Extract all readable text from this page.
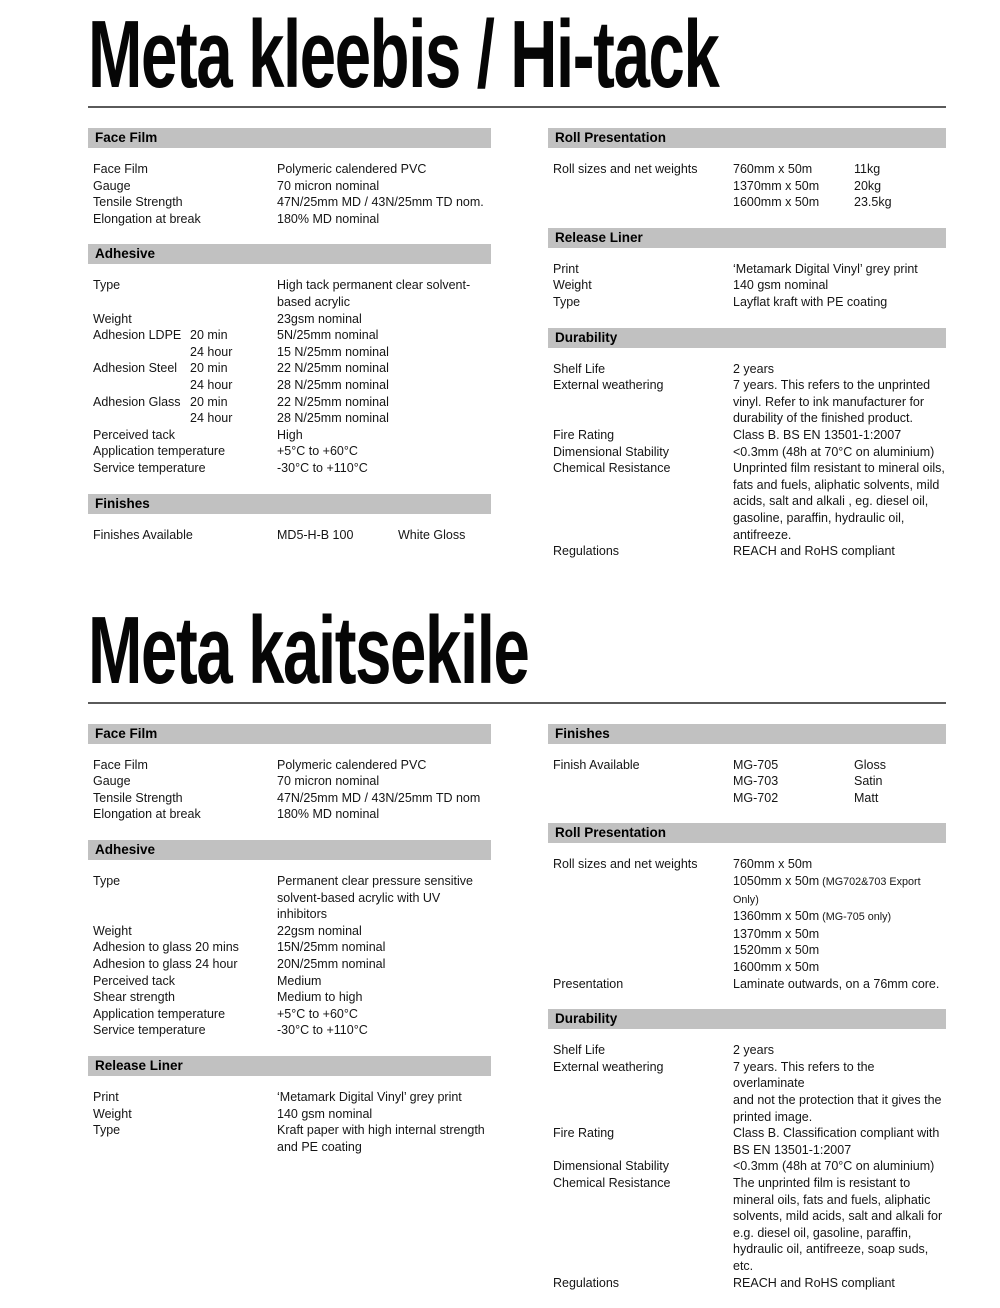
Meta kleebis / Hi-tack
Face Film
Face Film	Polymeric calendered PVC
Gauge	70 micron nominal
Tensile Strength	47N/25mm MD / 43N/25mm TD nom.
Elongation at break	180% MD nominal
Adhesive
Type	High tack permanent clear solvent-
based acrylic
Weight	23gsm nominal
Adhesion LDPE 20 min	5N/25mm nominal
24 hour	15 N/25mm nominal
Adhesion Steel	20 min	22 N/25mm nominal
24 hour	28 N/25mm nominal
Adhesion Glass 20 min	22 N/25mm nominal
24 hour	28 N/25mm nominal
Perceived tack	High
Application temperature	+5°C to +60°C
Service temperature	-30°C to +110°C
Finishes
Finishes Available	MD5-H-B 100	White Gloss
Roll Presentation
Roll sizes and net weights	760mm x 50m	11kg
1370mm x 50m	20kg
1600mm x 50m	23.5kg
Release Liner
Print	‘Metamark Digital Vinyl’ grey print
Weight	140 gsm nominal
Type	Layflat kraft with PE coating
Durability
Shelf Life	2 years
External weathering	7 years. This refers to the unprinted
vinyl. Refer to ink manufacturer for
durability of the finished product.
Fire Rating	Class B. BS EN 13501-1:2007
Dimensional Stability	<0.3mm (48h at 70°C on aluminium)
Chemical Resistance	Unprinted film resistant to mineral oils,
fats and fuels, aliphatic solvents, mild
acids, salt and alkali , eg. diesel oil,
gasoline, paraffin, hydraulic oil, antifreeze.
Regulations	REACH and RoHS compliant
Meta kaitsekile
Face Film
Face Film	Polymeric calendered PVC
Gauge	70 micron nominal
Tensile Strength	47N/25mm MD / 43N/25mm TD nom
Elongation at break	180% MD nominal
Adhesive
Type	Permanent clear pressure sensitive
solvent-based acrylic with UV inhibitors
Weight	22gsm nominal
Adhesion to glass 20 mins	15N/25mm nominal
Adhesion to glass 24 hour	20N/25mm nominal
Perceived tack	Medium
Shear strength	Medium to high
Application temperature	+5°C to +60°C
Service temperature	-30°C to +110°C
Release Liner
Print	‘Metamark Digital Vinyl’ grey print
Weight	140 gsm nominal
Type	Kraft paper with high internal strength
and PE coating
Finishes
Finish Available	MG-705	Gloss
MG-703	Satin
MG-702	Matt
Roll Presentation
Roll sizes and net weights	760mm x 50m
1050mm x 50m (MG702&703 Export Only)
1360mm x 50m (MG-705 only)
1370mm x 50m
1520mm x 50m
1600mm x 50m
Presentation	Laminate outwards, on a 76mm core.
Durability
Shelf Life	2 years
External weathering	7 years. This refers to the overlaminate
and not the protection that it gives the
printed image.
Fire Rating	Class B. Classification compliant with
BS EN 13501-1:2007
Dimensional Stability	<0.3mm (48h at 70°C on aluminium)
Chemical Resistance	The unprinted film is resistant to
mineral oils, fats and fuels, aliphatic
solvents, mild acids, salt and alkali for
e.g. diesel oil, gasoline, paraffin,
hydraulic oil, antifreeze, soap suds, etc.
Regulations	REACH and RoHS compliant
